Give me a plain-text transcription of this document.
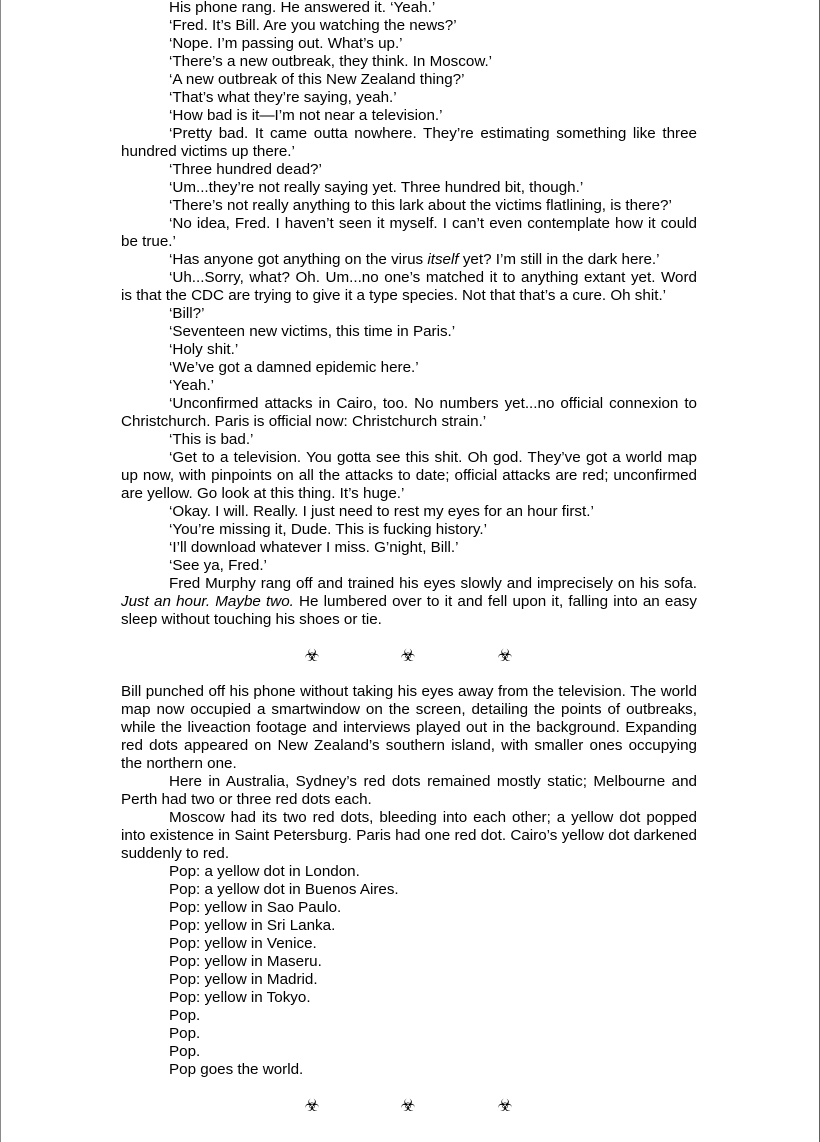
His phone rang. He answered it. ‘Yeah.’

‘Fred. It’s Bill. Are you watching the news?’

‘Nope. I’m passing out. What’s up.’

‘There’s a new outbreak, they think. In Moscow.’

‘A new outbreak of this New Zealand thing?’

‘That’s what they’re saying, yeah.’

‘How bad is it—I’m not near a television.’

‘Pretty bad. It came outta nowhere. They’re estimating something like three hundred victims up there.’

‘Three hundred dead?’

‘Um...they’re not really saying yet. Three hundred bit, though.’

‘There’s not really anything to this lark about the victims flatlining, is there?’

‘No idea, Fred. I haven’t seen it myself. I can’t even contemplate how it could be true.’

‘Has anyone got anything on the virus itself yet? I’m still in the dark here.’

‘Uh...Sorry, what? Oh. Um...no one’s matched it to anything extant yet. Word is that the CDC are trying to give it a type species. Not that that’s a cure. Oh shit.’

‘Bill?’

‘Seventeen new victims, this time in Paris.’

‘Holy shit.’

‘We’ve got a damned epidemic here.’

‘Yeah.’

‘Unconfirmed attacks in Cairo, too. No numbers yet...no official connexion to Christchurch. Paris is official now: Christchurch strain.’

‘This is bad.’

‘Get to a television. You gotta see this shit. Oh god. They’ve got a world map up now, with pinpoints on all the attacks to date; official attacks are red; unconfirmed are yellow. Go look at this thing. It’s huge.’

‘Okay. I will. Really. I just need to rest my eyes for an hour first.’

‘You’re missing it, Dude. This is fucking history.’

‘I’ll download whatever I miss. G’night, Bill.’

‘See ya, Fred.’

Fred Murphy rang off and trained his eyes slowly and imprecisely on his sofa. Just an hour. Maybe two. He lumbered over to it and fell upon it, falling into an easy sleep without touching his shoes or tie.

☣	☣	☣

Bill punched off his phone without taking his eyes away from the television. The world map now occupied a smartwindow on the screen, detailing the points of outbreaks, while the liveaction footage and interviews played out in the background. Expanding red dots appeared on New Zealand’s southern island, with smaller ones occupying the northern one.

Here in Australia, Sydney’s red dots remained mostly static; Melbourne and Perth had two or three red dots each.

Moscow had its two red dots, bleeding into each other; a yellow dot popped into existence in Saint Petersburg. Paris had one red dot. Cairo’s yellow dot darkened suddenly to red.

Pop: a yellow dot in London.

Pop: a yellow dot in Buenos Aires.

Pop: yellow in Sao Paulo.

Pop: yellow in Sri Lanka.

Pop: yellow in Venice.

Pop: yellow in Maseru.

Pop: yellow in Madrid.

Pop: yellow in Tokyo.

Pop.

Pop.

Pop.

Pop goes the world.

☣	☣	☣
